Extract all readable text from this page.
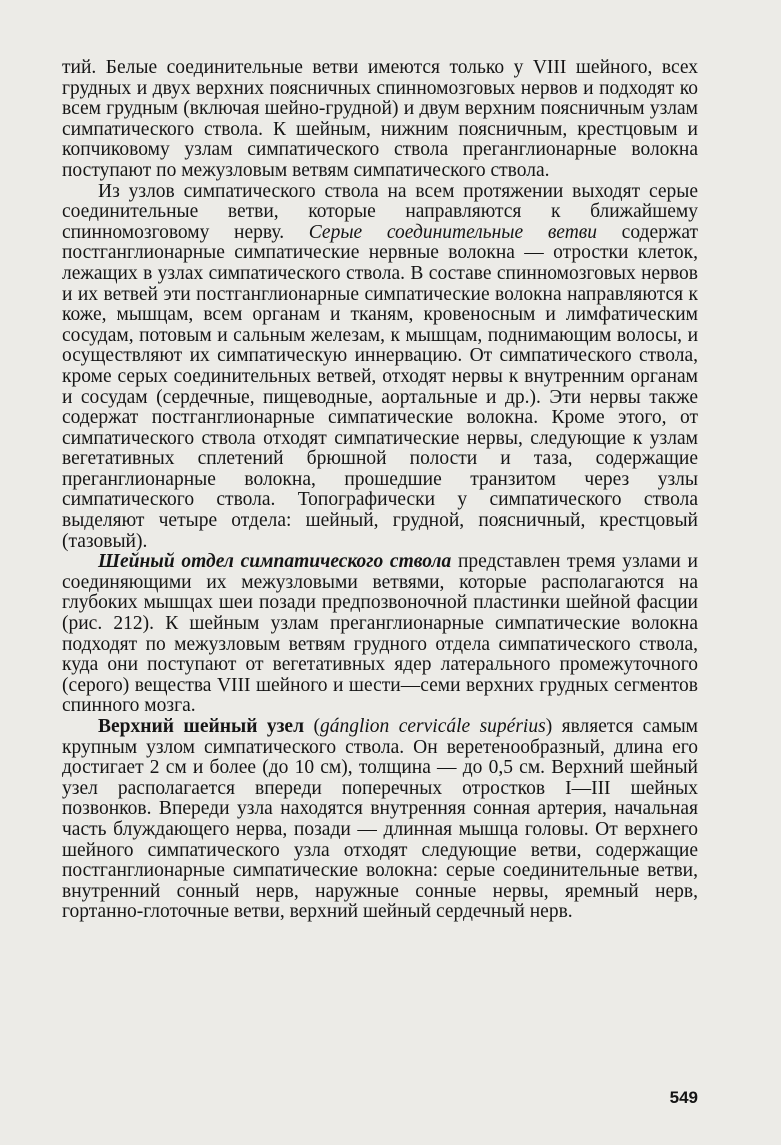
тий. Белые соединительные ветви имеются только у VIII шейного, всех грудных и двух верхних поясничных спинномозговых нервов и подходят ко всем грудным (включая шейно-грудной) и двум верхним поясничным узлам симпатического ствола. К шейным, нижним поясничным, крестцовым и копчиковому узлам симпатического ствола преганглионарные волокна поступают по межузловым ветвям симпатического ствола.

Из узлов симпатического ствола на всем протяжении выходят серые соединительные ветви, которые направляются к ближайшему спинномозговому нерву. Серые соединительные ветви содержат постганглионарные симпатические нервные волокна — отростки клеток, лежащих в узлах симпатического ствола. В составе спинномозговых нервов и их ветвей эти постганглионарные симпатические волокна направляются к коже, мышцам, всем органам и тканям, кровеносным и лимфатическим сосудам, потовым и сальным железам, к мышцам, поднимающим волосы, и осуществляют их симпатическую иннервацию. От симпатического ствола, кроме серых соединительных ветвей, отходят нервы к внутренним органам и сосудам (сердечные, пищеводные, аортальные и др.). Эти нервы также содержат постганглионарные симпатические волокна. Кроме этого, от симпатического ствола отходят симпатические нервы, следующие к узлам вегетативных сплетений брюшной полости и таза, содержащие преганглионарные волокна, прошедшие транзитом через узлы симпатического ствола. Топографически у симпатического ствола выделяют четыре отдела: шейный, грудной, поясничный, крестцовый (тазовый).

Шейный отдел симпатического ствола представлен тремя узлами и соединяющими их межузловыми ветвями, которые располагаются на глубоких мышцах шеи позади предпозвоночной пластинки шейной фасции (рис. 212). К шейным узлам преганглионарные симпатические волокна подходят по межузловым ветвям грудного отдела симпатического ствола, куда они поступают от вегетативных ядер латерального промежуточного (серого) вещества VIII шейного и шести—семи верхних грудных сегментов спинного мозга.

Верхний шейный узел (gánglion cervicále supérius) является самым крупным узлом симпатического ствола. Он веретенообразный, длина его достигает 2 см и более (до 10 см), толщина — до 0,5 см. Верхний шейный узел располагается впереди поперечных отростков I—III шейных позвонков. Впереди узла находятся внутренняя сонная артерия, начальная часть блуждающего нерва, позади — длинная мышца головы. От верхнего шейного симпатического узла отходят следующие ветви, содержащие постганглионарные симпатические волокна: серые соединительные ветви, внутренний сонный нерв, наружные сонные нервы, яремный нерв, гортанно-глоточные ветви, верхний шейный сердечный нерв.

549
